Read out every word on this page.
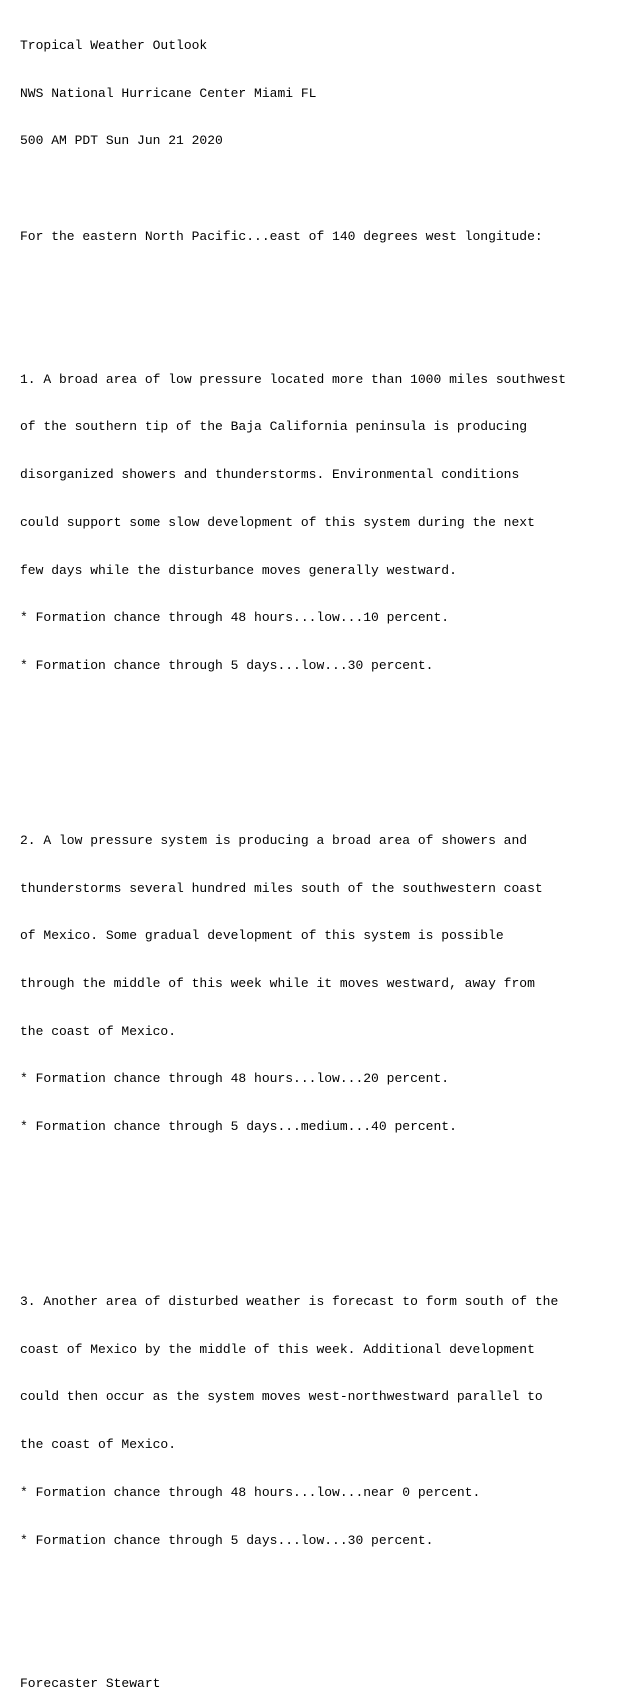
Tropical Weather Outlook

NWS National Hurricane Center Miami FL

500 AM PDT Sun Jun 21 2020

For the eastern North Pacific...east of 140 degrees west longitude:

1. A broad area of low pressure located more than 1000 miles southwest

of the southern tip of the Baja California peninsula is producing

disorganized showers and thunderstorms. Environmental conditions

could support some slow development of this system during the next

few days while the disturbance moves generally westward.

* Formation chance through 48 hours...low...10 percent.

* Formation chance through 5 days...low...30 percent.

2. A low pressure system is producing a broad area of showers and

thunderstorms several hundred miles south of the southwestern coast

of Mexico. Some gradual development of this system is possible

through the middle of this week while it moves westward, away from

the coast of Mexico.

* Formation chance through 48 hours...low...20 percent.

* Formation chance through 5 days...medium...40 percent.

3. Another area of disturbed weather is forecast to form south of the

coast of Mexico by the middle of this week. Additional development

could then occur as the system moves west-northwestward parallel to

the coast of Mexico.

* Formation chance through 48 hours...low...near 0 percent.

* Formation chance through 5 days...low...30 percent.

Forecaster Stewart
